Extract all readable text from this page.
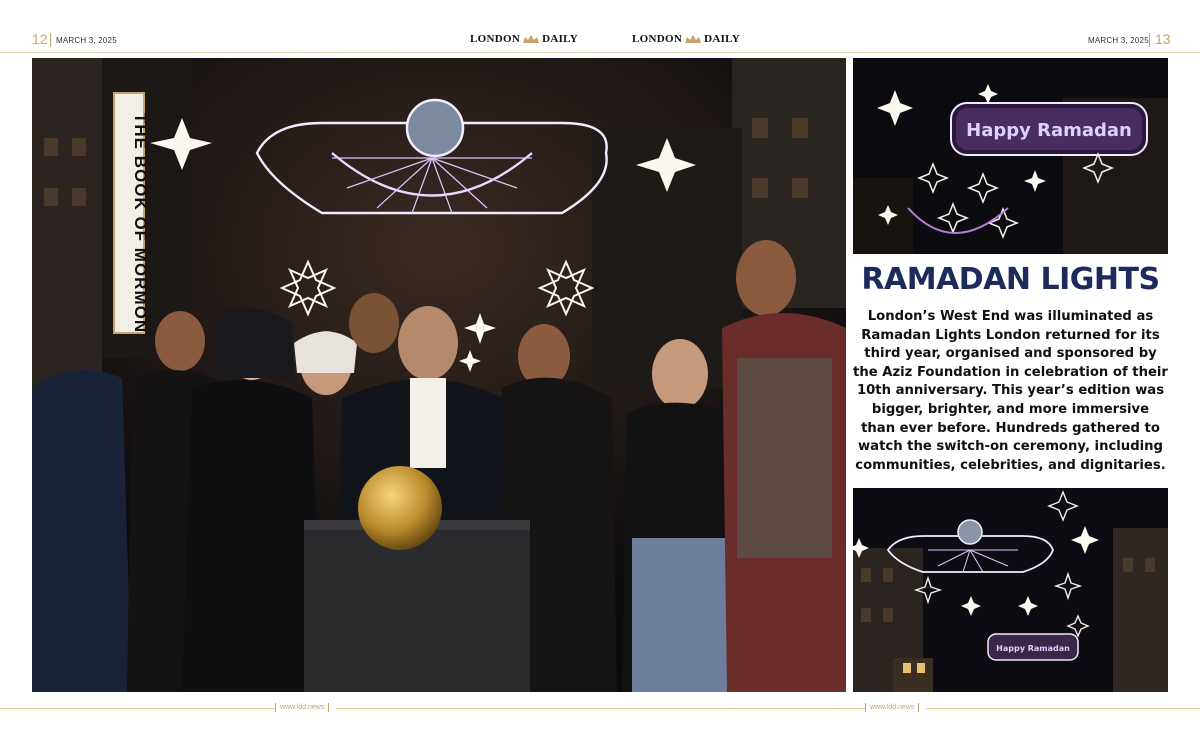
12 MARCH 3, 2025	LONDON DAILY	LONDON DAILY	MARCH 3, 2025 13
THE BOOK OF MORMON	Happy Ramadan
RAMADAN LIGHTS
London’s West End was illuminated as Ramadan Lights London returned for its third year, organised and sponsored by the Aziz Foundation in celebration of their 10th anniversary. This year’s edition was bigger, brighter, and more immersive than ever before. Hundreds gathered to watch the switch-on ceremony, including communities, celebrities, and dignitaries.
Happy Ramadan
www.ldd.news	www.ldd.news
